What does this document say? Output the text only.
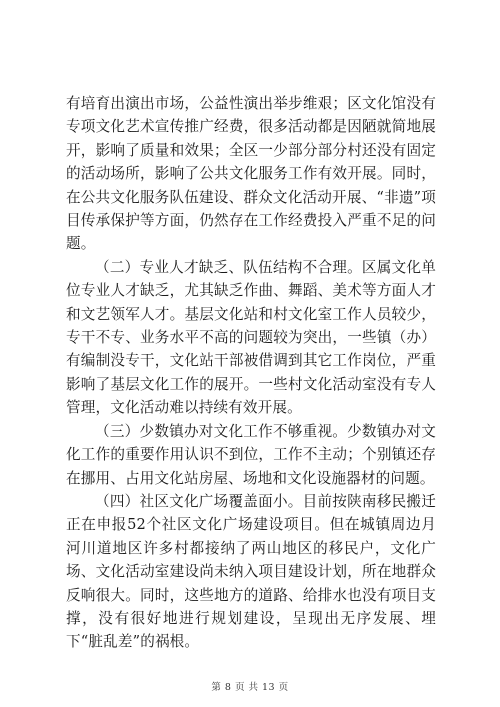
有培育出演出市场，公益性演出举步维艰；区文化馆没有专项文化艺术宣传推广经费，很多活动都是因陋就简地展开，影响了质量和效果；全区一少部分部分村还没有固定的活动场所，影响了公共文化服务工作有效开展。同时，在公共文化服务队伍建设、群众文化活动开展、“非遗”项目传承保护等方面，仍然存在工作经费投入严重不足的问题。

（二）专业人才缺乏、队伍结构不合理。区属文化单位专业人才缺乏，尤其缺乏作曲、舞蹈、美术等方面人才和文艺领军人才。基层文化站和村文化室工作人员较少，专干不专、业务水平不高的问题较为突出，一些镇（办）有编制没专干，文化站干部被借调到其它工作岗位，严重影响了基层文化工作的展开。一些村文化活动室没有专人管理，文化活动难以持续有效开展。

（三）少数镇办对文化工作不够重视。少数镇办对文化工作的重要作用认识不到位，工作不主动；个别镇还存在挪用、占用文化站房屋、场地和文化设施器材的问题。

（四）社区文化广场覆盖面小。目前按陕南移民搬迁正在申报52个社区文化广场建设项目。但在城镇周边月河川道地区许多村都接纳了两山地区的移民户，文化广场、文化活动室建设尚未纳入项目建设计划，所在地群众反响很大。同时，这些地方的道路、给排水也没有项目支撑，没有很好地进行规划建设，呈现出无序发展、埋下“脏乱差”的祸根。

第 8 页 共 13 页
